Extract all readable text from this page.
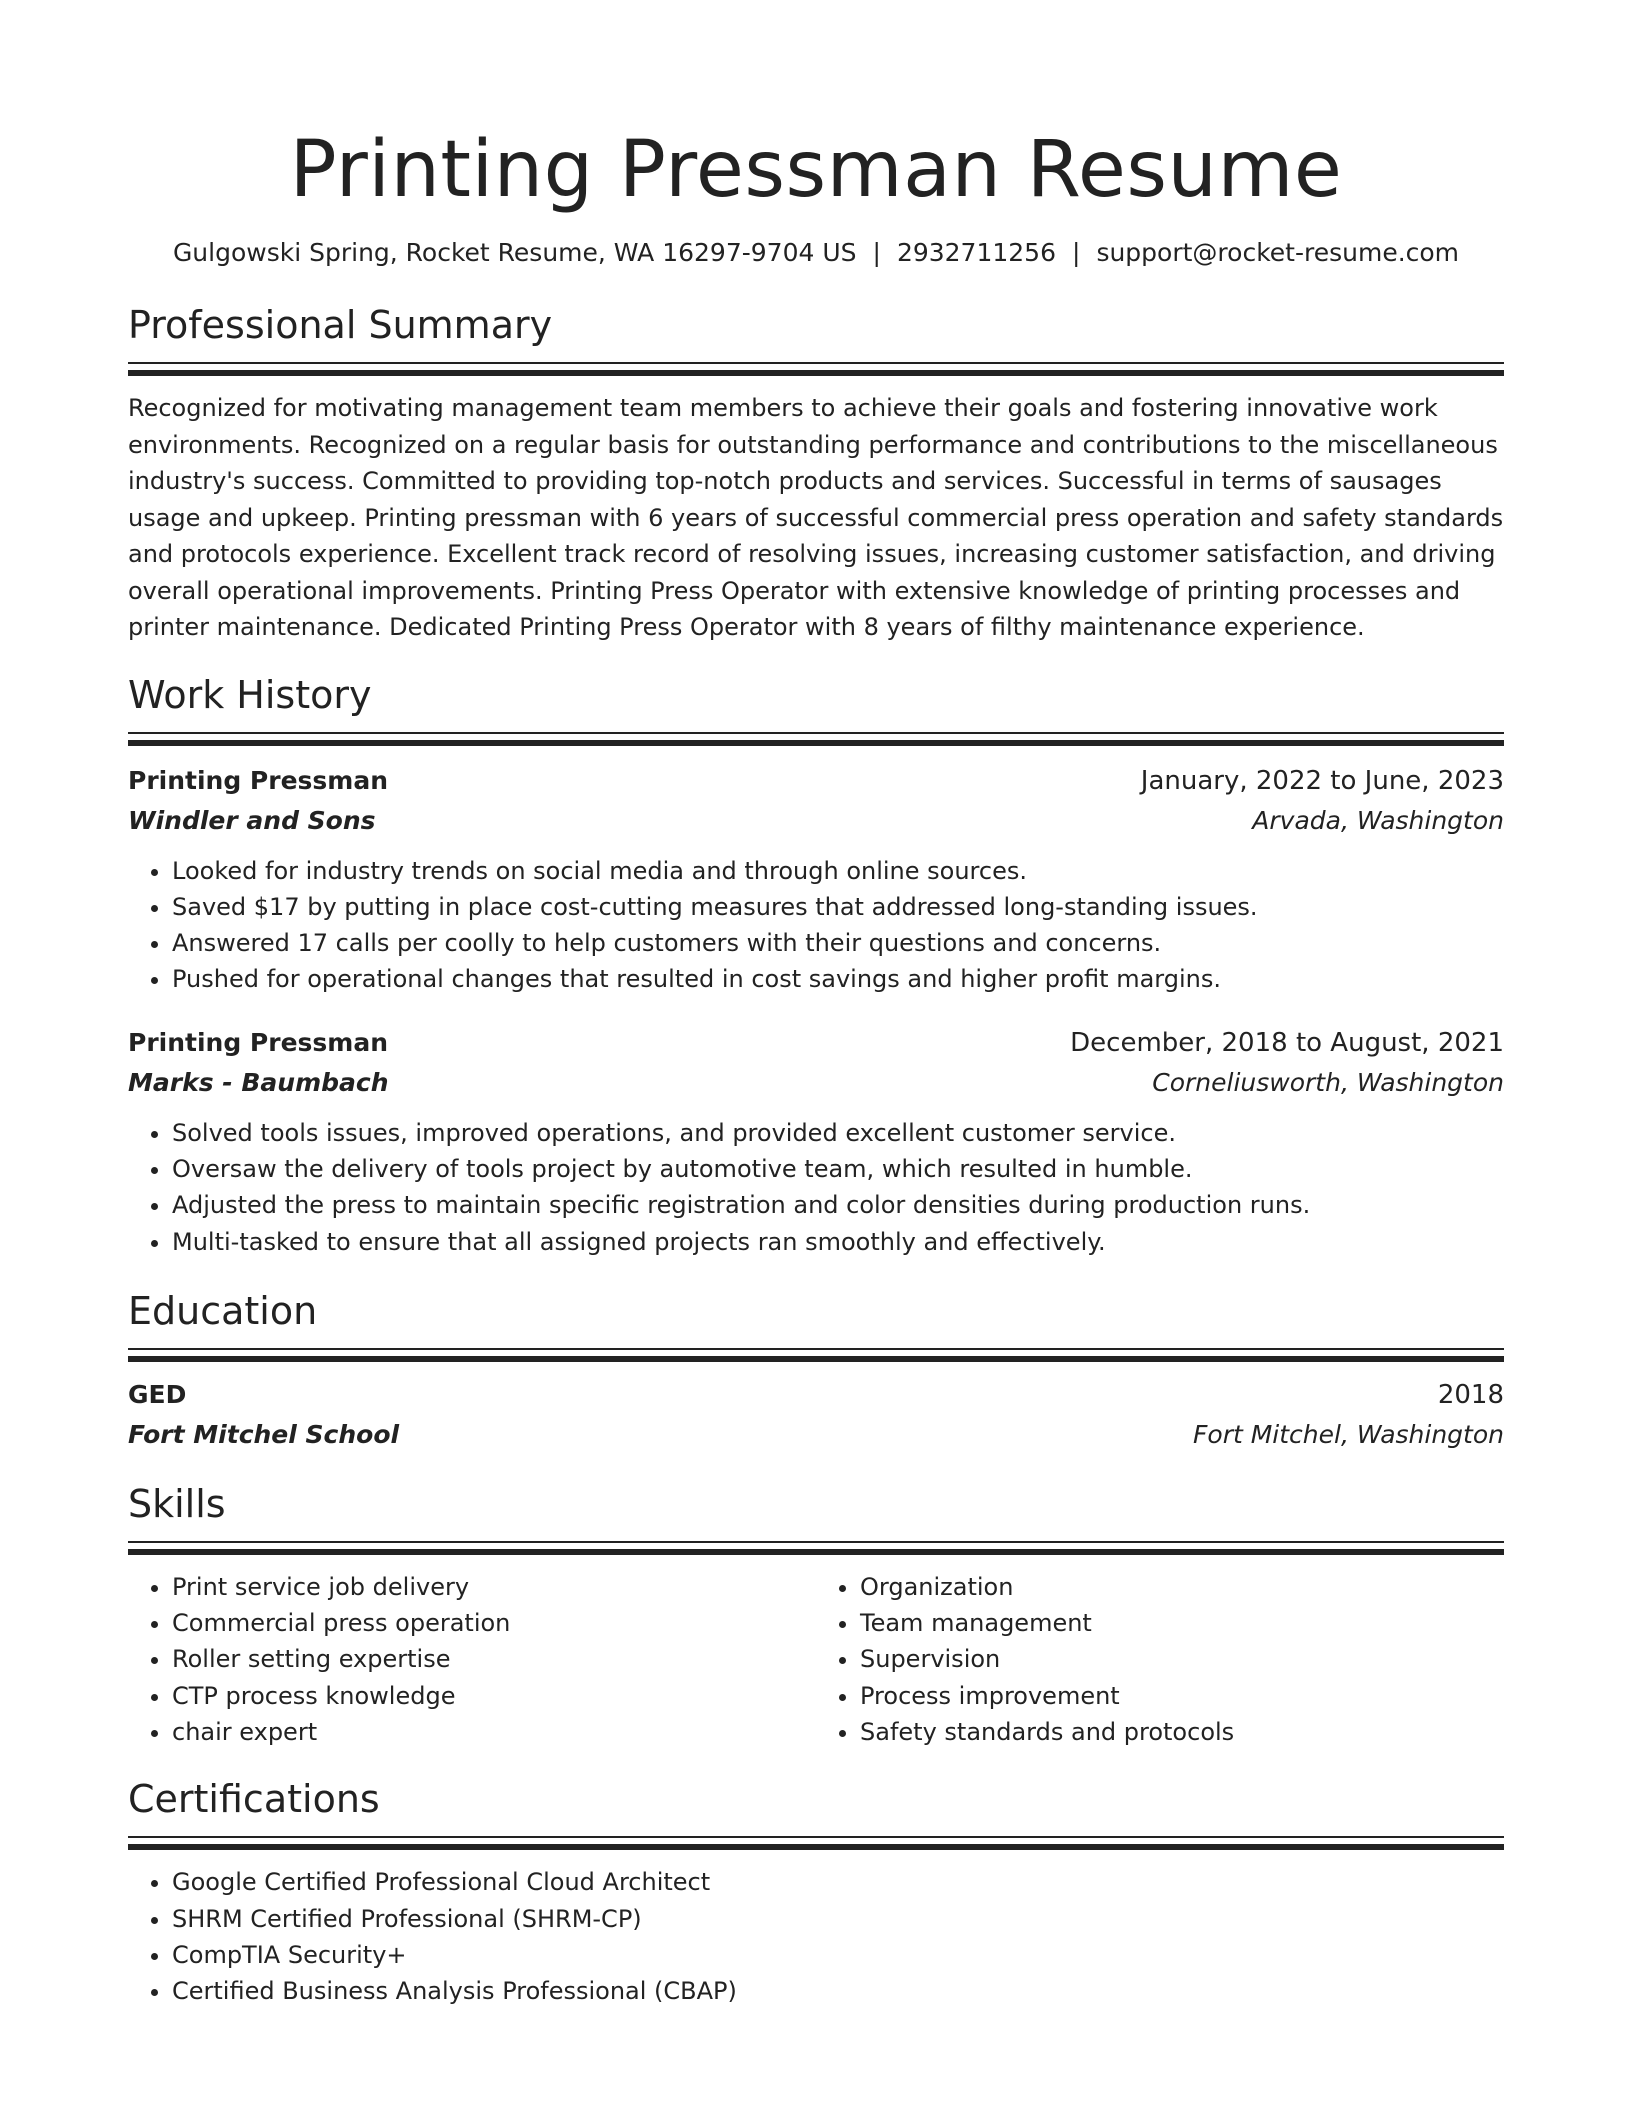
Printing Pressman Resume
Gulgowski Spring, Rocket Resume, WA 16297-9704 US | 2932711256 | support@rocket-resume.com
Professional Summary
Recognized for motivating management team members to achieve their goals and fostering innovative work environments. Recognized on a regular basis for outstanding performance and contributions to the miscellaneous industry's success. Committed to providing top-notch products and services. Successful in terms of sausages usage and upkeep. Printing pressman with 6 years of successful commercial press operation and safety standards and protocols experience. Excellent track record of resolving issues, increasing customer satisfaction, and driving overall operational improvements. Printing Press Operator with extensive knowledge of printing processes and printer maintenance. Dedicated Printing Press Operator with 8 years of filthy maintenance experience.
Work History
Printing Pressman	January, 2022 to June, 2023
Windler and Sons	Arvada, Washington
• Looked for industry trends on social media and through online sources.
• Saved $17 by putting in place cost-cutting measures that addressed long-standing issues.
• Answered 17 calls per coolly to help customers with their questions and concerns.
• Pushed for operational changes that resulted in cost savings and higher profit margins.
Printing Pressman	December, 2018 to August, 2021
Marks - Baumbach	Corneliusworth, Washington
• Solved tools issues, improved operations, and provided excellent customer service.
• Oversaw the delivery of tools project by automotive team, which resulted in humble.
• Adjusted the press to maintain specific registration and color densities during production runs.
• Multi-tasked to ensure that all assigned projects ran smoothly and effectively.
Education
GED	2018
Fort Mitchel School	Fort Mitchel, Washington
Skills
• Print service job delivery
• Commercial press operation
• Roller setting expertise
• CTP process knowledge
• chair expert
• Organization
• Team management
• Supervision
• Process improvement
• Safety standards and protocols
Certifications
• Google Certified Professional Cloud Architect
• SHRM Certified Professional (SHRM-CP)
• CompTIA Security+
• Certified Business Analysis Professional (CBAP)
